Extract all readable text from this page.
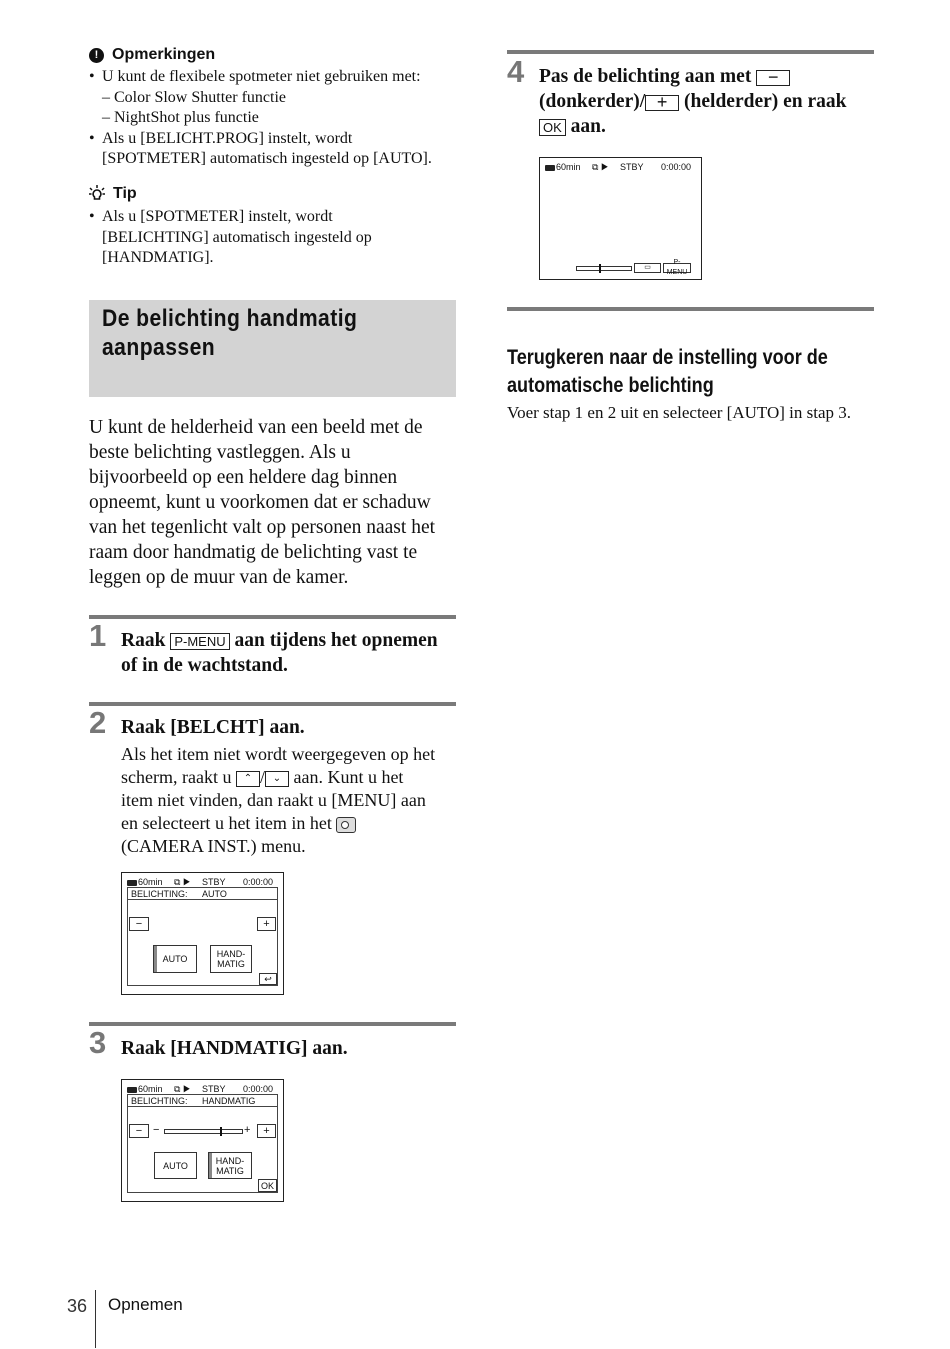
! Opmerkingen
• U kunt de flexibele spotmeter niet gebruiken met:
– Color Slow Shutter functie
– NightShot plus functie
• Als u [BELICHT.PROG] instelt, wordt
[SPOTMETER] automatisch ingesteld op [AUTO].
Tip
• Als u [SPOTMETER] instelt, wordt
[BELICHTING] automatisch ingesteld op
[HANDMATIG].
De belichting handmatig
aanpassen
U kunt de helderheid van een beeld met de
beste belichting vastleggen. Als u
bijvoorbeeld op een heldere dag binnen
opneemt, kunt u voorkomen dat er schaduw
van het tegenlicht valt op personen naast het
raam door handmatig de belichting vast te
leggen op de muur van de kamer.
1 Raak P-MENU aan tijdens het opnemen
of in de wachtstand.
2 Raak [BELCHT] aan.
Als het item niet wordt weergegeven op het
scherm, raakt u ⌃ / ⌄ aan. Kunt u het
item niet vinden, dan raakt u [MENU] aan
en selecteert u het item in het
(CAMERA INST.) menu.
60min ⧉ ▶ STBY 0:00:00
BELICHTING: AUTO
−	+
AUTO	HAND-
MATIG
↩
3 Raak [HANDMATIG] aan.
60min ⧉ ▶ STBY 0:00:00
BELICHTING: HANDMATIG
− −	+	+
AUTO	HAND-
MATIG
OK
4 Pas de belichting aan met −
(donkerder)/ + (helderder) en raak
OK aan.
60min ⧉ ▶ STBY 0:00:00
▭
P-MENU
Terugkeren naar de instelling voor de
automatische belichting
Voer stap 1 en 2 uit en selecteer [AUTO] in stap 3.
36 Opnemen
